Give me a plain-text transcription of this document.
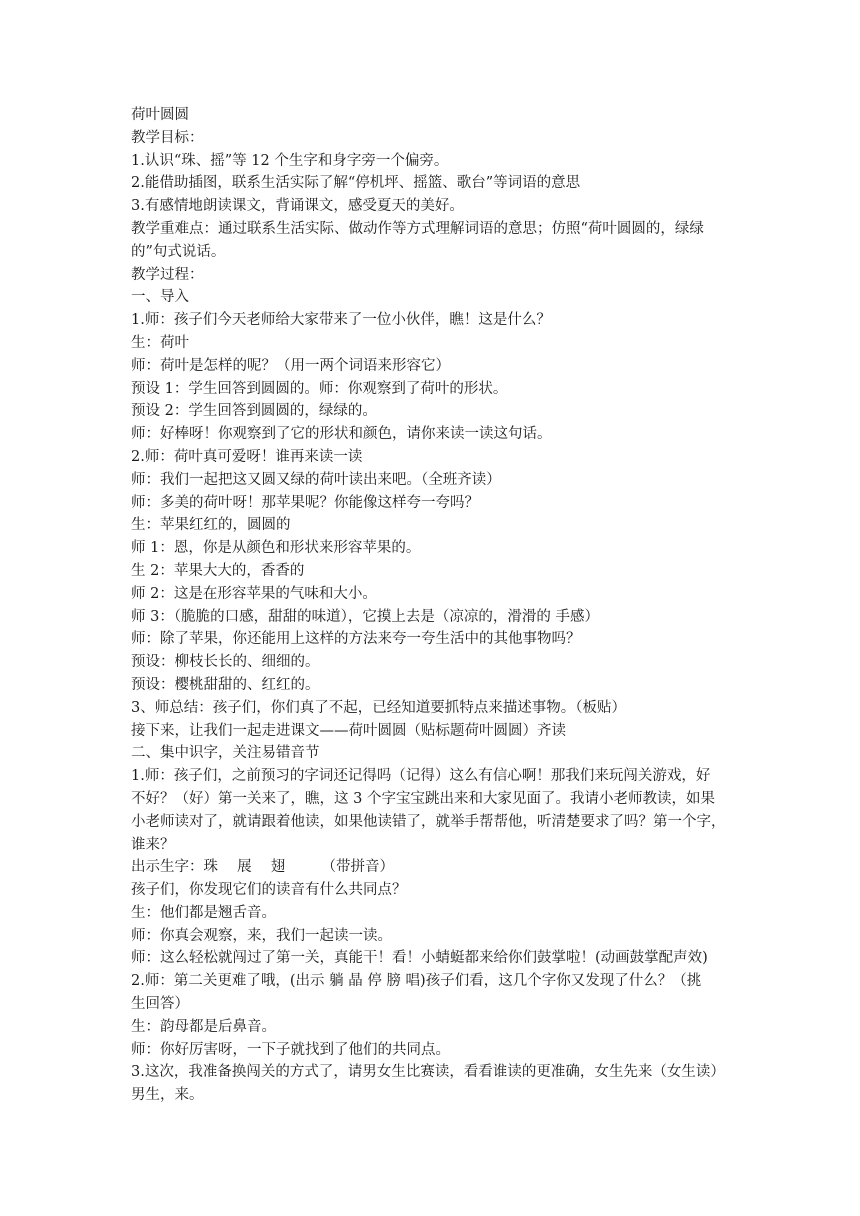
荷叶圆圆
教学目标：
1.认识“珠、摇”等 12 个生字和身字旁一个偏旁。
2.能借助插图，联系生活实际了解“停机坪、摇篮、歌台”等词语的意思
3.有感情地朗读课文，背诵课文，感受夏天的美好。
教学重难点：通过联系生活实际、做动作等方式理解词语的意思；仿照“荷叶圆圆的，绿绿
的”句式说话。
教学过程：
一、导入
1.师：孩子们今天老师给大家带来了一位小伙伴，瞧！这是什么？
生：荷叶
师：荷叶是怎样的呢？（用一两个词语来形容它）
预设 1：学生回答到圆圆的。师：你观察到了荷叶的形状。
预设 2：学生回答到圆圆的，绿绿的。
师：好棒呀！你观察到了它的形状和颜色，请你来读一读这句话。
2.师：荷叶真可爱呀！谁再来读一读
师：我们一起把这又圆又绿的荷叶读出来吧。（全班齐读）
师：多美的荷叶呀！那苹果呢？你能像这样夸一夸吗？
生：苹果红红的，圆圆的
师 1：恩，你是从颜色和形状来形容苹果的。
生 2：苹果大大的，香香的
师 2：这是在形容苹果的气味和大小。
师 3：（脆脆的口感，甜甜的味道），它摸上去是（凉凉的，滑滑的 手感）
师：除了苹果，你还能用上这样的方法来夸一夸生活中的其他事物吗？
预设：柳枝长长的、细细的。
预设：樱桃甜甜的、红红的。
3、师总结：孩子们，你们真了不起，已经知道要抓特点来描述事物。（板贴）
接下来，让我们一起走进课文——荷叶圆圆（贴标题荷叶圆圆）齐读
二、集中识字，关注易错音节
1.师：孩子们，之前预习的字词还记得吗（记得）这么有信心啊！那我们来玩闯关游戏，好
不好？（好）第一关来了，瞧，这 3 个字宝宝跳出来和大家见面了。我请小老师教读，如果
小老师读对了，就请跟着他读，如果他读错了，就举手帮帮他，听清楚要求了吗？第一个字，
谁来？
出示生字：珠　 展　 翅　　　（带拼音）
孩子们，你发现它们的读音有什么共同点？
生：他们都是翘舌音。
师：你真会观察，来，我们一起读一读。
师：这么轻松就闯过了第一关，真能干！看！小蜻蜓都来给你们鼓掌啦！(动画鼓掌配声效)
2.师：第二关更难了哦，(出示 躺 晶 停 膀 唱)孩子们看，这几个字你又发现了什么？（挑
生回答）
生：韵母都是后鼻音。
师：你好厉害呀，一下子就找到了他们的共同点。
3.这次，我准备换闯关的方式了，请男女生比赛读，看看谁读的更准确，女生先来（女生读）
男生，来。
